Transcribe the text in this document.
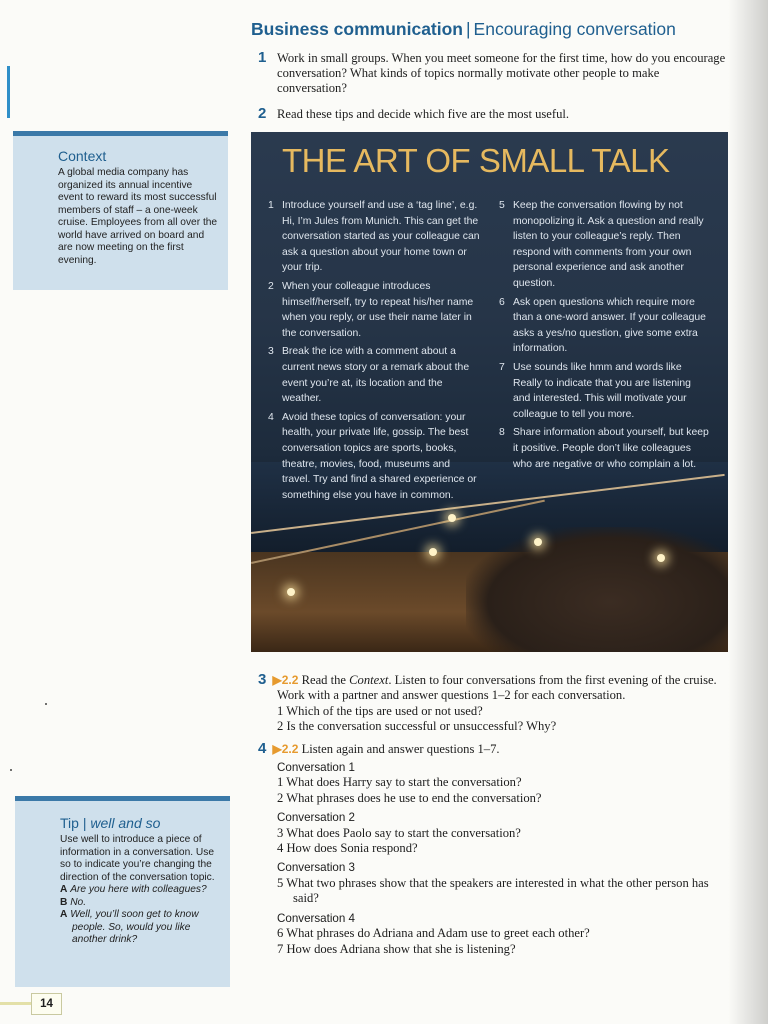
Business communication | Encouraging conversation
1 Work in small groups. When you meet someone for the first time, how do you encourage conversation? What kinds of topics normally motivate other people to make conversation?
2 Read these tips and decide which five are the most useful.
Context
A global media company has organized its annual incentive event to reward its most successful members of staff – a one-week cruise. Employees from all over the world have arrived on board and are now meeting on the first evening.
THE ART OF SMALL TALK
1 Introduce yourself and use a ‘tag line’, e.g. Hi, I’m Jules from Munich. This can get the conversation started as your colleague can ask a question about your home town or your trip.
2 When your colleague introduces himself/herself, try to repeat his/her name when you reply, or use their name later in the conversation.
3 Break the ice with a comment about a current news story or a remark about the event you’re at, its location and the weather.
4 Avoid these topics of conversation: your health, your private life, gossip. The best conversation topics are sports, books, theatre, movies, food, museums and travel. Try and find a shared experience or something else you have in common.
5 Keep the conversation flowing by not monopolizing it. Ask a question and really listen to your colleague’s reply. Then respond with comments from your own personal experience and ask another question.
6 Ask open questions which require more than a one-word answer. If your colleague asks a yes/no question, give some extra information.
7 Use sounds like hmm and words like Really to indicate that you are listening and interested. This will motivate your colleague to tell you more.
8 Share information about yourself, but keep it positive. People don’t like colleagues who are negative or who complain a lot.
3 ▶2.2 Read the Context. Listen to four conversations from the first evening of the cruise. Work with a partner and answer questions 1–2 for each conversation.
1 Which of the tips are used or not used?
2 Is the conversation successful or unsuccessful? Why?
4 ▶2.2 Listen again and answer questions 1–7.
Conversation 1
1 What does Harry say to start the conversation?
2 What phrases does he use to end the conversation?
Conversation 2
3 What does Paolo say to start the conversation?
4 How does Sonia respond?
Conversation 3
5 What two phrases show that the speakers are interested in what the other person has said?
Conversation 4
6 What phrases do Adriana and Adam use to greet each other?
7 How does Adriana show that she is listening?
Tip | well and so
Use well to introduce a piece of information in a conversation. Use so to indicate you’re changing the direction of the conversation topic.
A Are you here with colleagues?
B No.
A Well, you’ll soon get to know people. So, would you like another drink?
14
